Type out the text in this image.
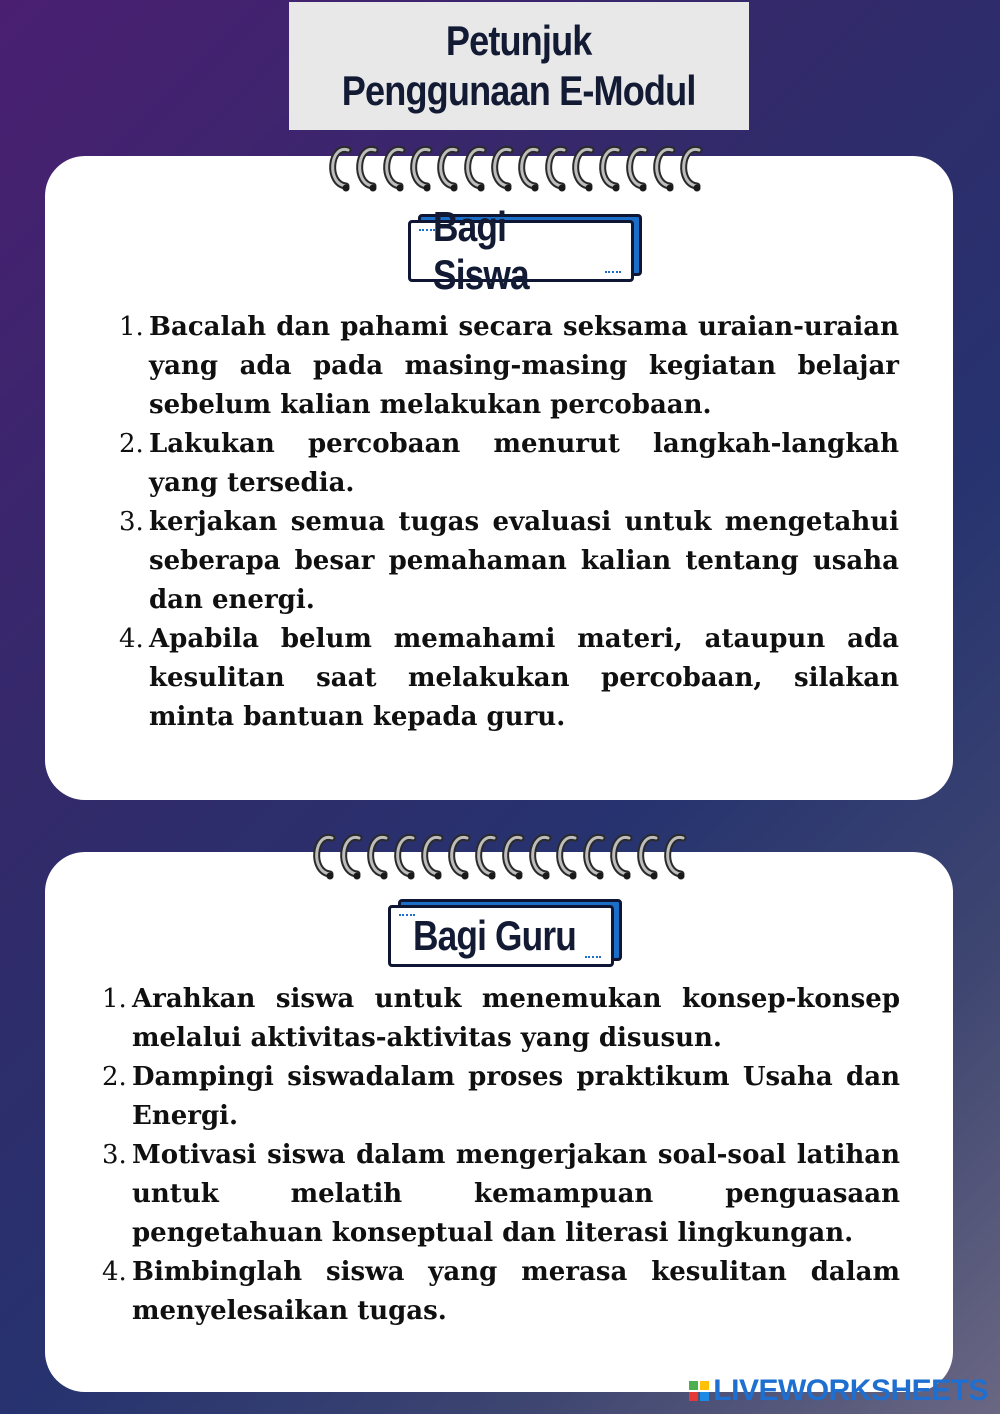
Petunjuk
Penggunaan E-Modul
Bagi Siswa
1. Bacalah dan pahami secara seksama uraian-uraian yang ada pada masing-masing kegiatan belajar sebelum kalian melakukan percobaan.
2. Lakukan percobaan menurut langkah-langkah yang tersedia.
3. kerjakan semua tugas evaluasi untuk mengetahui seberapa besar pemahaman kalian tentang usaha dan energi.
4. Apabila belum memahami materi, ataupun ada kesulitan saat melakukan percobaan, silakan minta bantuan kepada guru.
Bagi Guru
1. Arahkan siswa untuk menemukan konsep-konsep melalui aktivitas-aktivitas yang disusun.
2. Dampingi siswadalam proses praktikum Usaha dan Energi.
3. Motivasi siswa dalam mengerjakan soal-soal latihan untuk melatih kemampuan penguasaan pengetahuan konseptual dan literasi lingkungan.
4. Bimbinglah siswa yang merasa kesulitan dalam menyelesaikan tugas.
LIVEWORKSHEETS
